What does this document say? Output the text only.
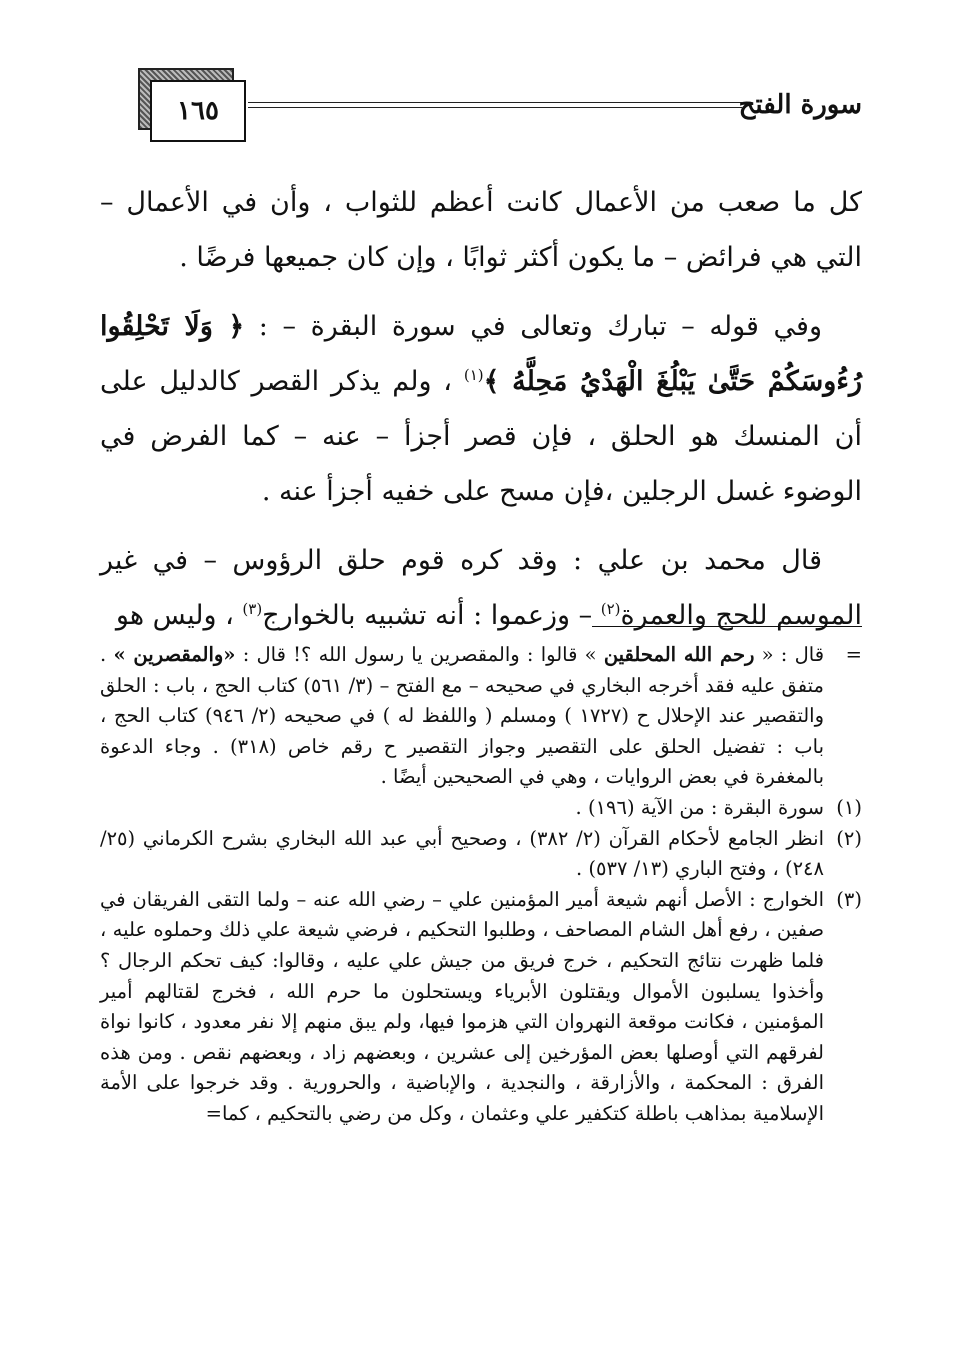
١٦٥	سورة الفتح

كل ما صعب من الأعمال كانت أعظم للثواب ، وأن في الأعمال – التي هي فرائض – ما يكون أكثر ثوابًا ، وإن كان جميعها فرضًا .

وفي قوله – تبارك وتعالى في سورة البقرة – : ﴿ وَلَا تَحْلِقُوا رُءُوسَكُمْ حَتَّىٰ يَبْلُغَ الْهَدْيُ مَحِلَّهُ ﴾$^{(١)}$ ، ولم يذكر القصر كالدليل على أن المنسك هو الحلق ، فإن قصر أجزأ – عنه – كما الفرض في الوضوء غسل الرجلين ،فإن مسح على خفيه أجزأ عنه .

قال محمد بن علي : وقد كره قوم حلق الرؤوس – في غير الموسم للحج والعمرة$^{(٢)}$ – وزعموا : أنه تشبيه بالخوارج$^{(٣)}$ ، وليس هو

=
قال : « رحم الله المحلقين » قالوا : والمقصرين يا رسول الله ؟! قال : «والمقصرين » . متفق عليه فقد أخرجه البخاري في صحيحه – مع الفتح – (٣/ ٥٦١) كتاب الحج ، باب : الحلق والتقصير عند الإحلال ح (١٧٢٧ ) ومسلم ( واللفظ له ) في صحيحه (٢/ ٩٤٦) كتاب الحج ، باب : تفضيل الحلق على التقصير وجواز التقصير ح رقم خاص (٣١٨) . وجاء الدعوة بالمغفرة في بعض الروايات ، وهي في الصحيحين أيضًا .
(١)
سورة البقرة : من الآية (١٩٦) .
(٢)
انظر الجامع لأحكام القرآن (٢/ ٣٨٢) ، وصحيح أبي عبد الله البخاري بشرح الكرماني (٢٥/ ٢٤٨) ، وفتح الباري (١٣/ ٥٣٧) .
(٣)
الخوارج : الأصل أنهم شيعة أمير المؤمنين علي – رضي الله عنه – ولما التقى الفريقان في صفين ، رفع أهل الشام المصاحف ، وطلبوا التحكيم ، فرضي شيعة علي ذلك وحملوه عليه ، فلما ظهرت نتائج التحكيم ، خرج فريق من جيش علي عليه ، وقالوا: كيف تحكم الرجال ؟ وأخذوا يسلبون الأموال ويقتلون الأبرياء ويستحلون ما حرم الله ، فخرج لقتالهم أمير المؤمنين ، فكانت موقعة النهروان التي هزموا فيها، ولم يبق منهم إلا نفر معدود ، كانوا نواة لفرقهم التي أوصلها بعض المؤرخين إلى عشرين ، وبعضهم زاد ، وبعضهم نقص . ومن هذه الفرق : المحكمة ، والأزارقة ، والنجدية ، والإباضية ، والحرورية . وقد خرجوا على الأمة الإسلامية بمذاهب باطلة كتكفير علي وعثمان ، وكل من رضي بالتحكيم ، كما=
